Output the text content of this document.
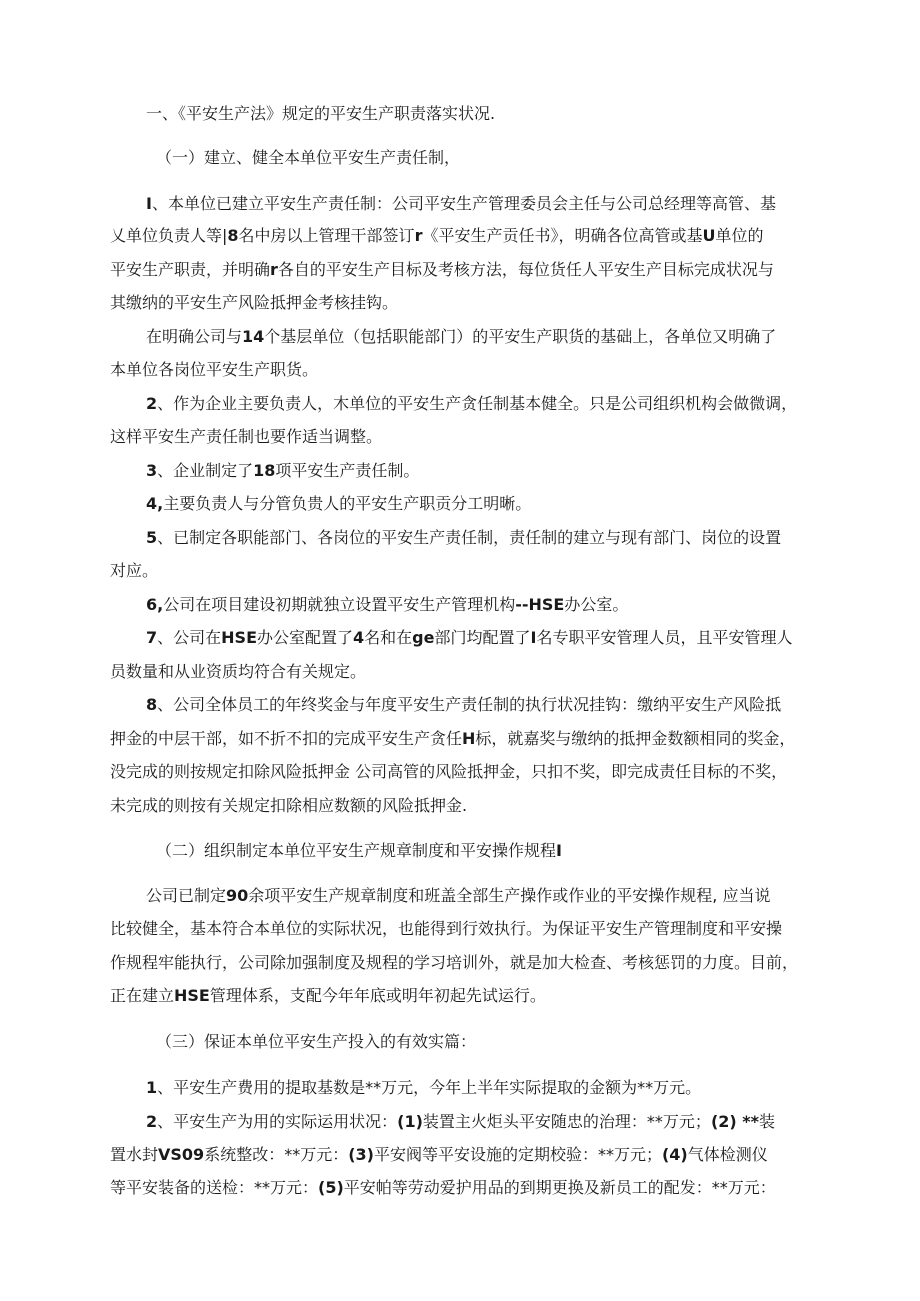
一、《平安生产法》规定的平安生产职责落实状况.
（一）建立、健全本单位平安生产责任制，
I、本单位已建立平安生产责任制：公司平安生产管理委员会主任与公司总经理等高管、基
乂单位负责人等|8名中房以上管理干部签订r《平安生产贡任书》，明确各位高管或基U单位的
平安生产职责，并明确r各自的平安生产目标及考核方法，每位货任人平安生产目标完成状况与
其缴纳的平安生产风险抵押金考核挂钩。
在明确公司与14个基层单位（包括职能部门）的平安生产职货的基础上，各单位又明确了
本单位各岗位平安生产职货。
2、作为企业主要负责人，木单位的平安生产贪任制基本健全。只是公司组织机构会做微调，
这样平安生产责任制也要作适当调整。
3、企业制定了18项平安生产责任制。
4,主要负责人与分管负贵人的平安生产职贡分工明晰。
5、已制定各职能部门、各岗位的平安生产责任制，责任制的建立与现有部门、岗位的设置
对应。
6,公司在项目建设初期就独立设置平安生产管理机构--HSE办公室。
7、公司在HSE办公室配置了4名和在ge部门均配置了I名专职平安管理人员，且平安管理人
员数量和从业资质均符合有关规定。
8、公司全体员工的年终奖金与年度平安生产责任制的执行状况挂钩：缴纳平安生产风险抵
押金的中层干部，如不折不扣的完成平安生产贪任H标，就嘉奖与缴纳的抵押金数额相同的奖金，
没完成的则按规定扣除风险抵押金 公司高管的风险抵押金，只扣不奖，即完成责任目标的不奖，
未完成的则按有关规定扣除相应数额的风险抵押金.
（二）组织制定本单位平安生产规章制度和平安操作规程I
公司已制定90余项平安生产规章制度和班盖全部生产操作或作业的平安操作规程, 应当说
比较健全，基本符合本单位的实际状况，也能得到行效执行。为保证平安生产管理制度和平安操
作规程牢能执行，公司除加强制度及规程的学习培训外，就是加大检查、考核惩罚的力度。目前，
正在建立HSE管理体系，支配今年年底或明年初起先试运行。
（三）保证本单位平安生产投入的有效实篇：
1、平安生产费用的提取基数是**万元，今年上半年实际提取的金额为**万元。
2、平安生产为用的实际运用状况：(1)装置主火炬头平安随忠的治理：**万元；(2) **装
置水封VS09系统整改：**万元：(3)平安阀等平安设施的定期校验：**万元；(4)气体检测仪
等平安装备的送检：**万元：(5)平安帕等劳动爱护用品的到期更换及新员工的配发：**万元：
